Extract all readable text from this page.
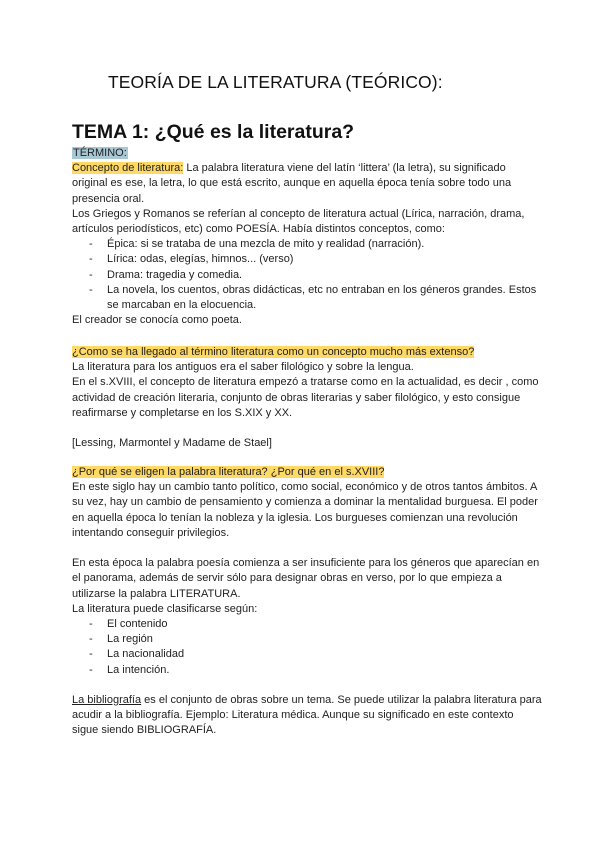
TEORÍA DE LA LITERATURA (TEÓRICO):
TEMA 1: ¿Qué es la literatura?

TÉRMINO:

Concepto de literatura: La palabra literatura viene del latín ‘littera’ (la letra), su significado original es ese, la letra, lo que está escrito, aunque en aquella época tenía sobre todo una presencia oral.

Los Griegos y Romanos se referían al concepto de literatura actual (Lírica, narración, drama, artículos periodísticos, etc) como POESÍA. Había distintos conceptos, como:

- Épica: si se trataba de una mezcla de mito y realidad (narración).
- Lírica: odas, elegías, himnos... (verso)
- Drama: tragedia y comedia.
- La novela, los cuentos, obras didácticas, etc no entraban en los géneros grandes. Estos se marcaban en la elocuencia.

El creador se conocía como poeta.

¿Como se ha llegado al término literatura como un concepto mucho más extenso?

La literatura para los antiguos era el saber filológico y sobre la lengua.

En el s.XVIII, el concepto de literatura empezó a tratarse como en la actualidad, es decir , como actividad de creación literaria, conjunto de obras literarias y saber filológico, y esto consigue reafirmarse y completarse en los S.XIX y XX.

[Lessing, Marmontel y Madame de Stael]

¿Por qué se eligen la palabra literatura? ¿Por qué en el s.XVIII?

En este siglo hay un cambio tanto político, como social, económico y de otros tantos ámbitos. A su vez, hay un cambio de pensamiento y comienza a dominar la mentalidad burguesa. El poder en aquella época lo tenían la nobleza y la iglesia. Los burgueses comienzan una revolución intentando conseguir privilegios.

En esta época la palabra poesía comienza a ser insuficiente para los géneros que aparecían en el panorama, además de servir sólo para designar obras en verso, por lo que empieza a utilizarse la palabra LITERATURA.

La literatura puede clasificarse según:

- El contenido
- La región
- La nacionalidad
- La intención.

La bibliografía es el conjunto de obras sobre un tema. Se puede utilizar la palabra literatura para acudir a la bibliografía. Ejemplo: Literatura médica. Aunque su significado en este contexto sigue siendo BIBLIOGRAFÍA.
